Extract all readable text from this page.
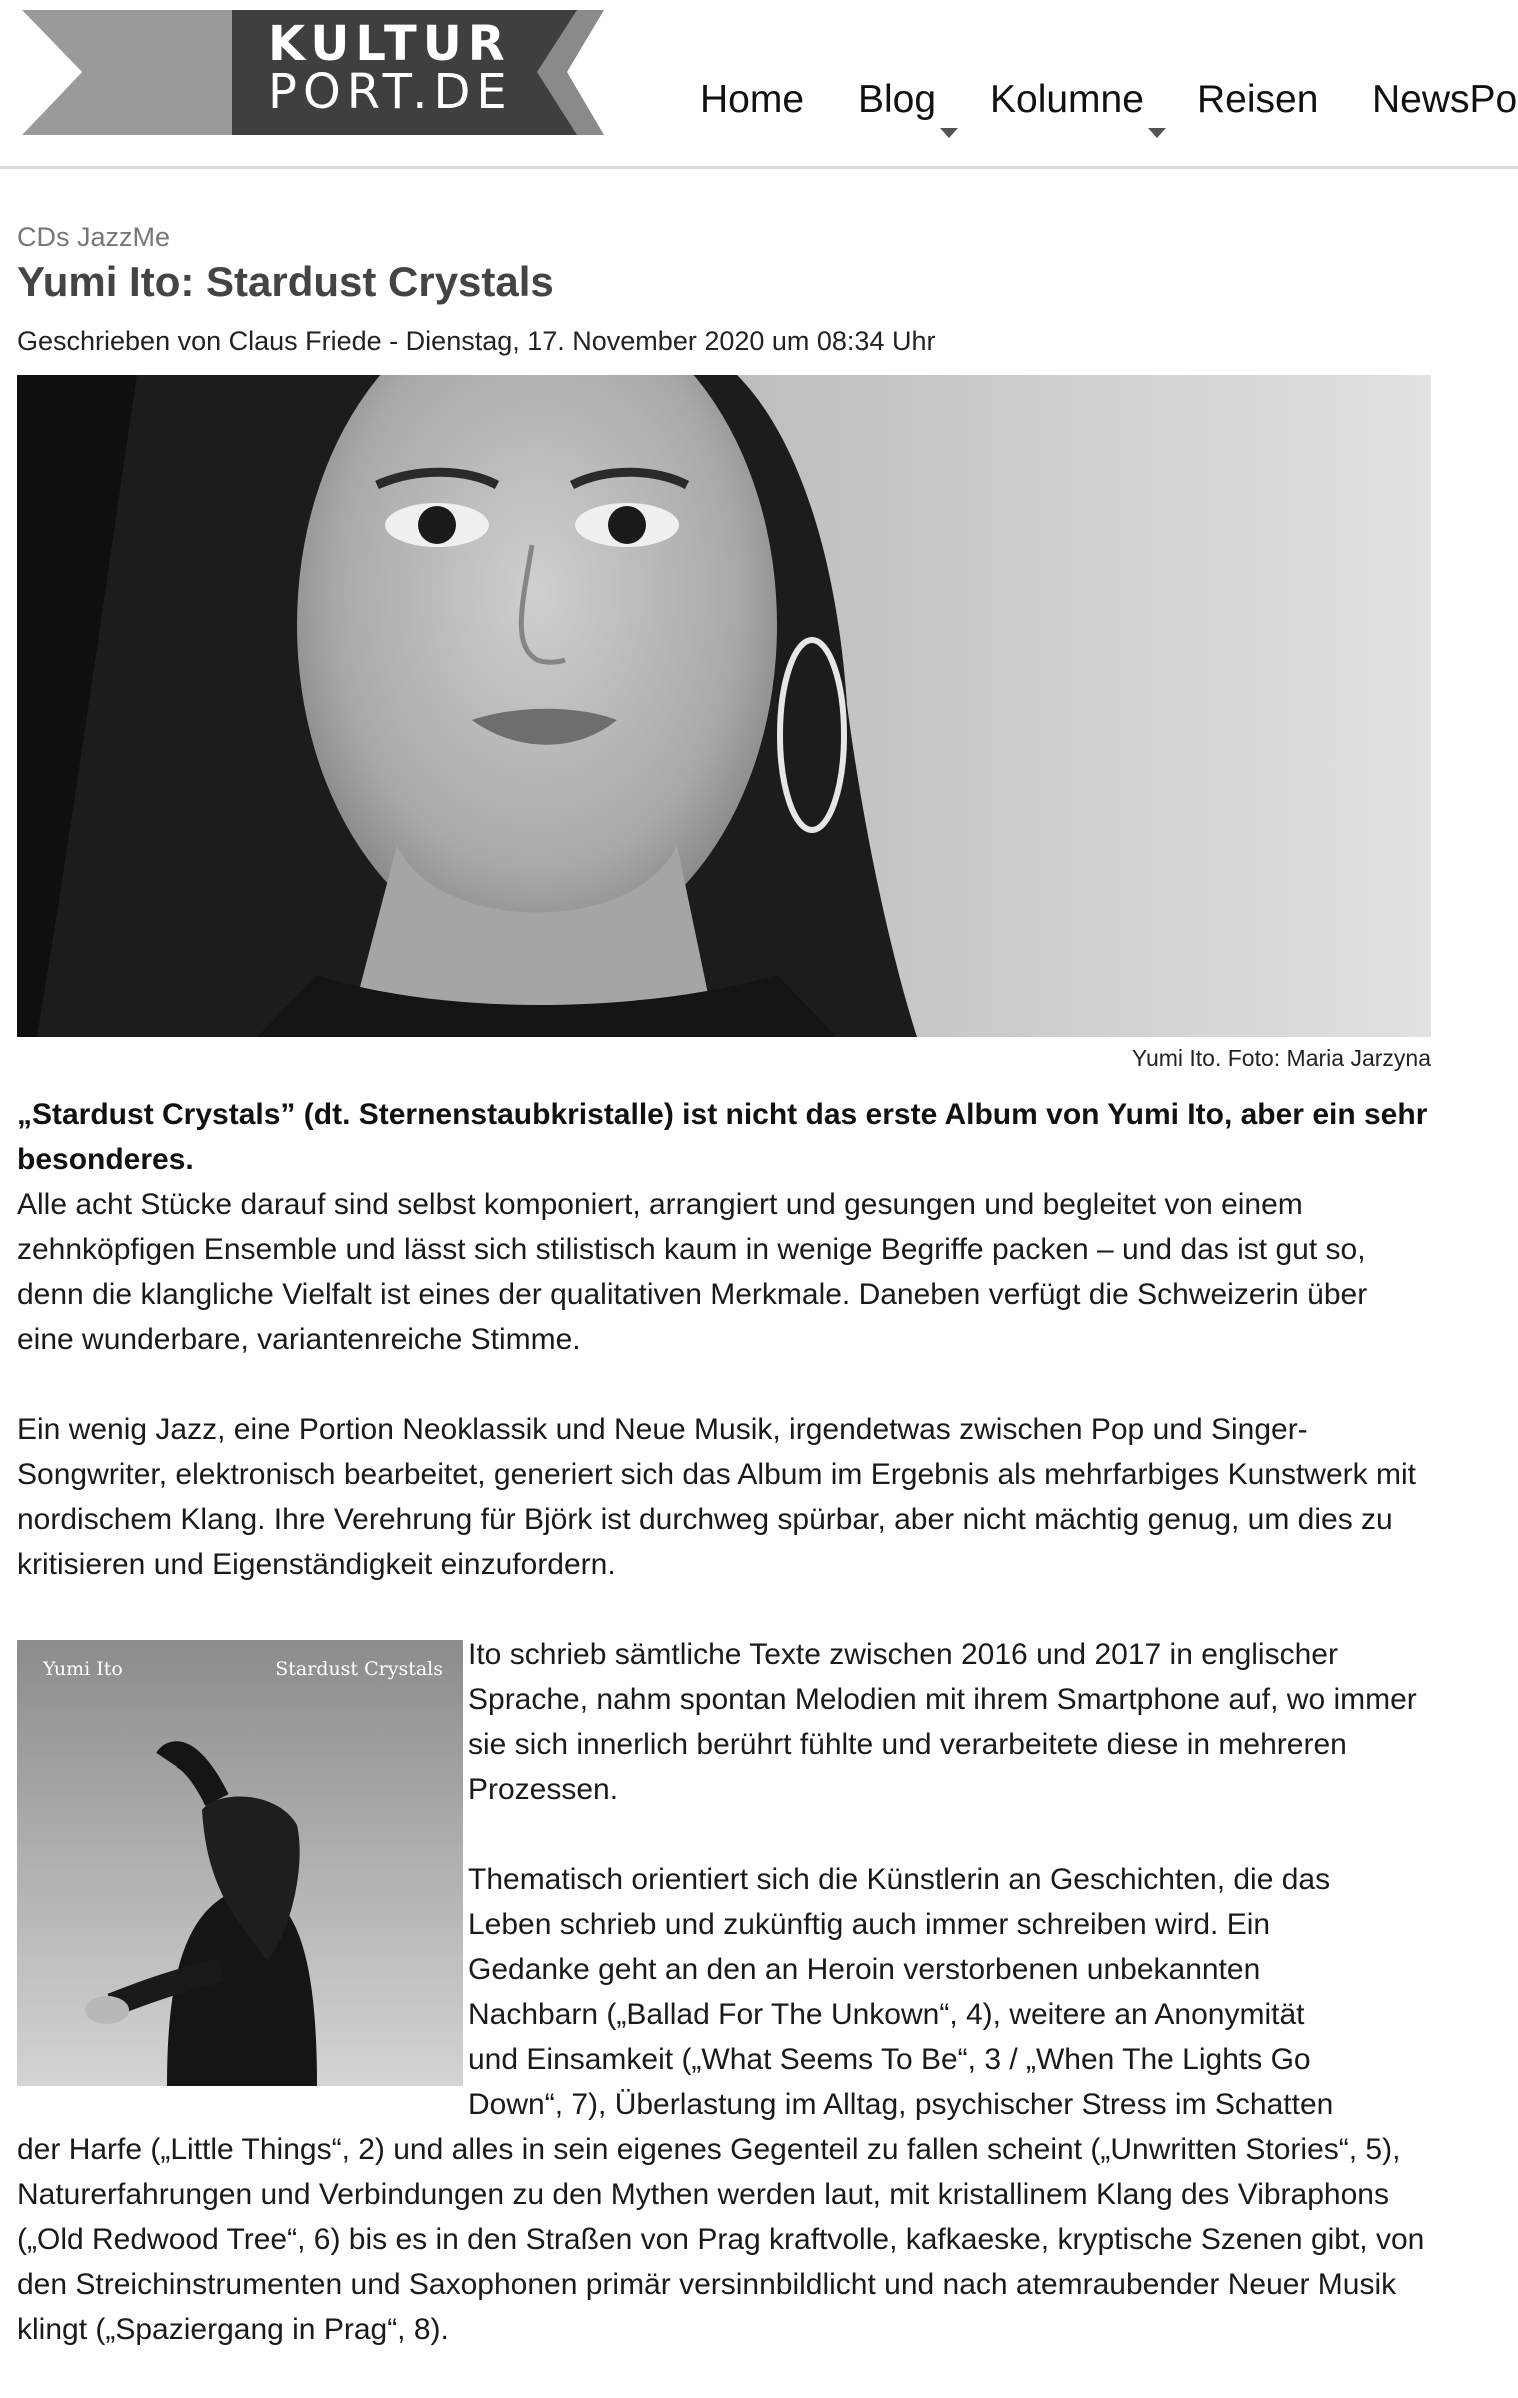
KULTUR
PORT.DE	Home Blog Kolumne Reisen NewsPo
CDs JazzMe
Yumi Ito: Stardust Crystals
Geschrieben von Claus Friede - Dienstag, 17. November 2020 um 08:34 Uhr
Yumi Ito. Foto: Maria Jarzyna

„Stardust Crystals” (dt. Sternenstaubkristalle) ist nicht das erste Album von Yumi Ito, aber ein sehr besonderes.

Alle acht Stücke darauf sind selbst komponiert, arrangiert und gesungen und begleitet von einem zehnköpfigen Ensemble und lässt sich stilistisch kaum in wenige Begriffe packen – und das ist gut so, denn die klangliche Vielfalt ist eines der qualitativen Merkmale. Daneben verfügt die Schweizerin über eine wunderbare, variantenreiche Stimme.

Ein wenig Jazz, eine Portion Neoklassik und Neue Musik, irgendetwas zwischen Pop und Singer-Songwriter, elektronisch bearbeitet, generiert sich das Album im Ergebnis als mehrfarbiges Kunstwerk mit nordischem Klang. Ihre Verehrung für Björk ist durchweg spürbar, aber nicht mächtig genug, um dies zu kritisieren und Eigenständigkeit einzufordern.

Yumi Ito	Stardust Crystals Ito schrieb sämtliche Texte zwischen 2016 und 2017 in englischer Sprache, nahm spontan Melodien mit ihrem Smartphone auf, wo immer sie sich innerlich berührt fühlte und verarbeitete diese in mehreren Prozessen.

Thematisch orientiert sich die Künstlerin an Geschichten, die das
Leben schrieb und zukünftig auch immer schreiben wird. Ein
Gedanke geht an den an Heroin verstorbenen unbekannten
Nachbarn („Ballad For The Unkown“, 4), weitere an Anonymität
und Einsamkeit („What Seems To Be“, 3 / „When The Lights Go
Down“, 7), Überlastung im Alltag, psychischer Stress im Schatten

der Harfe („Little Things“, 2) und alles in sein eigenes Gegenteil zu fallen scheint („Unwritten Stories“, 5), Naturerfahrungen und Verbindungen zu den Mythen werden laut, mit kristallinem Klang des Vibraphons („Old Redwood Tree“, 6) bis es in den Straßen von Prag kraftvolle, kafkaeske, kryptische Szenen gibt, von den Streichinstrumenten und Saxophonen primär versinnbildlicht und nach atemraubender Neuer Musik klingt („Spaziergang in Prag“, 8).
